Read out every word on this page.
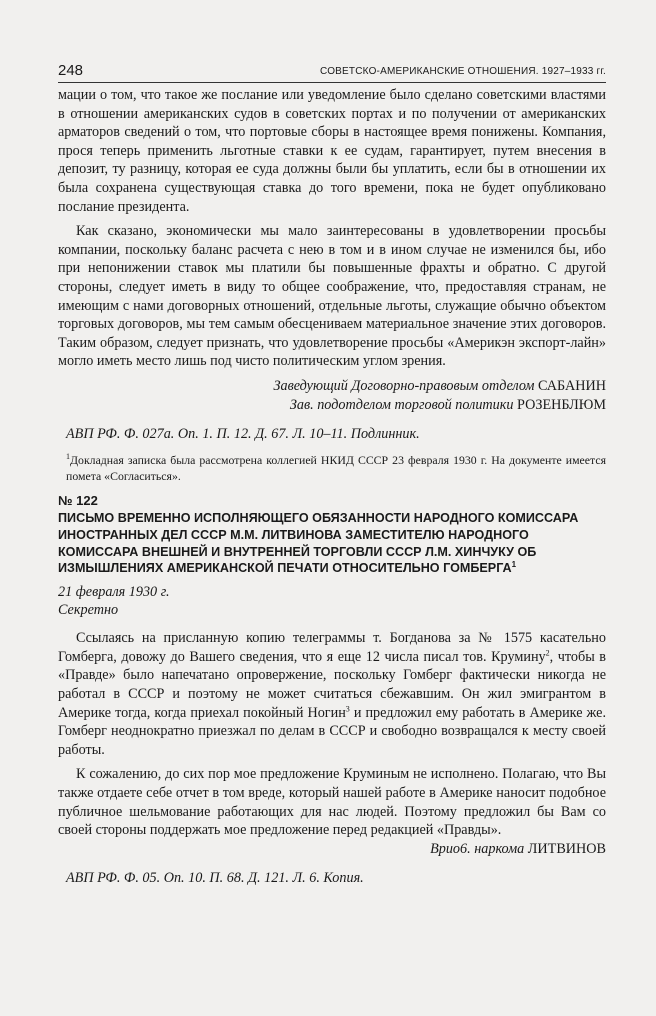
248	СОВЕТСКО-АМЕРИКАНСКИЕ ОТНОШЕНИЯ. 1927–1933 гг.

мации о том, что такое же послание или уведомление было сделано советскими властями в отношении американских судов в советских портах и по получении от американских арматоров сведений о том, что портовые сборы в настоящее время понижены. Компания, прося теперь применить льготные ставки к ее судам, гарантирует, путем внесения в депозит, ту разницу, которая ее суда должны были бы уплатить, если бы в отношении их была сохранена существующая ставка до того времени, пока не будет опубликовано послание президента.

Как сказано, экономически мы мало заинтересованы в удовлетворении просьбы компании, поскольку баланс расчета с нею в том и в ином случае не изменился бы, ибо при непонижении ставок мы платили бы повышенные фрахты и обратно. С другой стороны, следует иметь в виду то общее соображение, что, предоставляя странам, не имеющим с нами договорных отношений, отдельные льготы, служащие обычно объектом торговых договоров, мы тем самым обесцениваем материальное значение этих договоров. Таким образом, следует признать, что удовлетворение просьбы «Америкэн экспорт-лайн» могло иметь место лишь под чисто политическим углом зрения.

Заведующий Договорно-правовым отделом САБАНИН
Зав. подотделом торговой политики РОЗЕНБЛЮМ

АВП РФ. Ф. 027а. Оп. 1. П. 12. Д. 67. Л. 10–11. Подлинник.

$^1$Докладная записка была рассмотрена коллегией НКИД СССР 23 февраля 1930 г. На документе имеется помета «Согласиться».

№ 122
ПИСЬМО ВРЕМЕННО ИСПОЛНЯЮЩЕГО ОБЯЗАННОСТИ НАРОДНОГО КОМИССАРА ИНОСТРАННЫХ ДЕЛ СССР М.М. ЛИТВИНОВА ЗАМЕСТИТЕЛЮ НАРОДНОГО КОМИССАРА ВНЕШНЕЙ И ВНУТРЕННЕЙ ТОРГОВЛИ СССР Л.М. ХИНЧУКУ ОБ ИЗМЫШЛЕНИЯХ АМЕРИКАНСКОЙ ПЕЧАТИ ОТНОСИТЕЛЬНО ГОМБЕРГА$^1$
21 февраля 1930 г.
Секретно

Ссылаясь на присланную копию телеграммы т. Богданова за № 1575 касательно Гомберга, довожу до Вашего сведения, что я еще 12 числа писал тов. Крумину$^2$, чтобы в «Правде» было напечатано опровержение, поскольку Гомберг фактически никогда не работал в СССР и поэтому не может считаться сбежавшим. Он жил эмигрантом в Америке тогда, когда приехал покойный Ногин$^3$ и предложил ему работать в Америке же. Гомберг неоднократно приезжал по делам в СССР и свободно возвращался к месту своей работы.

К сожалению, до сих пор мое предложение Круминым не исполнено. Полагаю, что Вы также отдаете себе отчет в том вреде, который нашей работе в Америке наносит подобное публичное шельмование работающих для нас людей. Поэтому предложил бы Вам со своей стороны поддержать мое предложение перед редакцией «Правды».

Врио6. наркома ЛИТВИНОВ

АВП РФ. Ф. 05. Оп. 10. П. 68. Д. 121. Л. 6. Копия.
